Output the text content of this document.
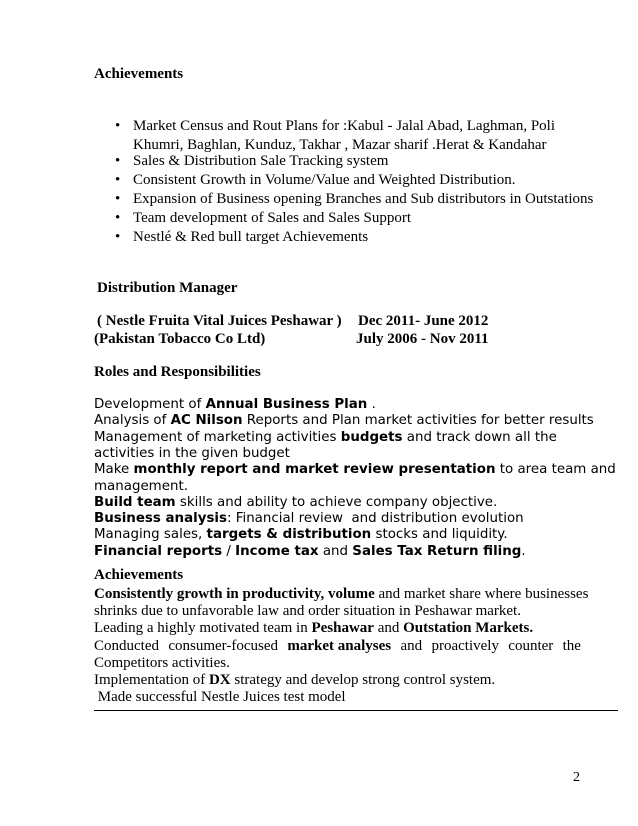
Achievements
• Market Census and Rout Plans for :Kabul - Jalal Abad, Laghman, Poli
Khumri, Baghlan, Kunduz, Takhar , Mazar sharif .Herat & Kandahar
• Sales & Distribution Sale Tracking system
• Consistent Growth in Volume/Value and Weighted Distribution.
• Expansion of Business opening Branches and Sub distributors in Outstations
• Team development of Sales and Sales Support
• Nestlé & Red bull target Achievements
Distribution Manager
( Nestle Fruita Vital Juices Peshawar ) Dec 2011- June 2012
(Pakistan Tobacco Co Ltd)	July 2006 - Nov 2011
Roles and Responsibilities
Development of Annual Business Plan .
Analysis of AC Nilson Reports and Plan market activities for better results
Management of marketing activities budgets and track down all the
activities in the given budget
Make monthly report and market review presentation to area team and
management.
Build team skills and ability to achieve company objective.
Business analysis: Financial review  and distribution evolution
Managing sales, targets & distribution stocks and liquidity.
Financial reports / Income tax and Sales Tax Return filing.
Achievements
Consistently growth in productivity, volume and market share where businesses
shrinks due to unfavorable law and order situation in Peshawar market.
Leading a highly motivated team in Peshawar and Outstation Markets.
Conducted consumer-focused market analyses and proactively counter the
Competitors activities.
Implementation of DX strategy and develop strong control system.
Made successful Nestle Juices test model
2
